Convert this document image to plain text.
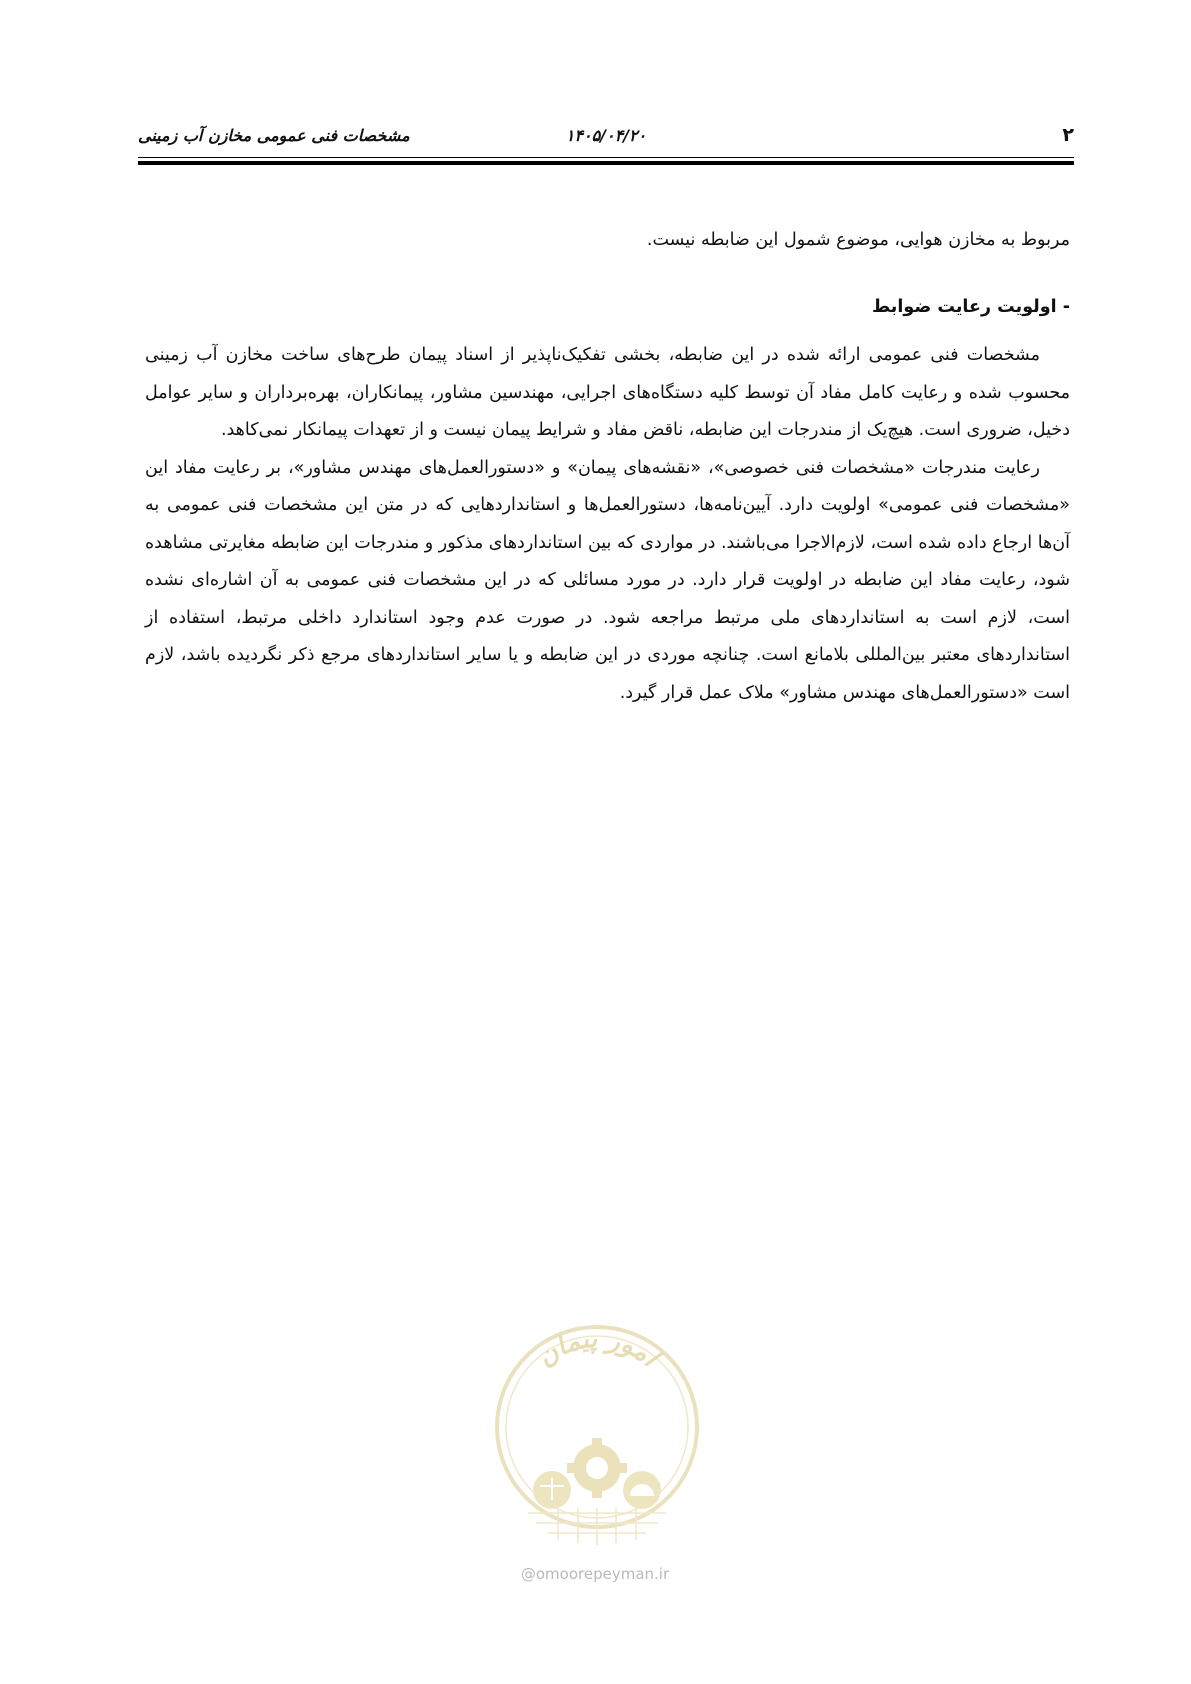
۲
۱۴۰۵/۰۴/۲۰
مشخصات فنی عمومی مخازن آب زمینی

مربوط به مخازن هوایی، موضوع شمول این ضابطه نیست.

- اولویت رعایت ضوابط

مشخصات فنی عمومی ارائه شده در این ضابطه، بخشی تفکیک‌ناپذیر از اسناد پیمان طرح‌های ساخت مخازن آب زمینی محسوب شده و رعایت کامل مفاد آن توسط کلیه دستگاه‌های اجرایی، مهندسین مشاور، پیمانکاران، بهره‌برداران و سایر عوامل دخیل، ضروری است. هیچ‌یک از مندرجات این ضابطه، ناقض مفاد و شرایط پیمان نیست و از تعهدات پیمانکار نمی‌کاهد.

رعایت مندرجات «مشخصات فنی خصوصی»، «نقشه‌های پیمان» و «دستورالعمل‌های مهندس مشاور»، بر رعایت مفاد این «مشخصات فنی عمومی» اولویت دارد. آیین‌نامه‌ها، دستورالعمل‌ها و استانداردهایی که در متن این مشخصات فنی عمومی به آن‌ها ارجاع داده شده است، لازم‌الاجرا می‌باشند. در مواردی که بین استانداردهای مذکور و مندرجات این ضابطه مغایرتی مشاهده شود، رعایت مفاد این ضابطه در اولویت قرار دارد. در مورد مسائلی که در این مشخصات فنی عمومی به آن اشاره‌ای نشده است، لازم است به استانداردهای ملی مرتبط مراجعه شود. در صورت عدم وجود استاندارد داخلی مرتبط، استفاده از استانداردهای معتبر بین‌المللی بلامانع است. چنانچه موردی در این ضابطه و یا سایر استانداردهای مرجع ذکر نگردیده باشد، لازم است «دستورالعمل‌های مهندس مشاور» ملاک عمل قرار گیرد.

امور پیمان
@omoorepeyman.ir
